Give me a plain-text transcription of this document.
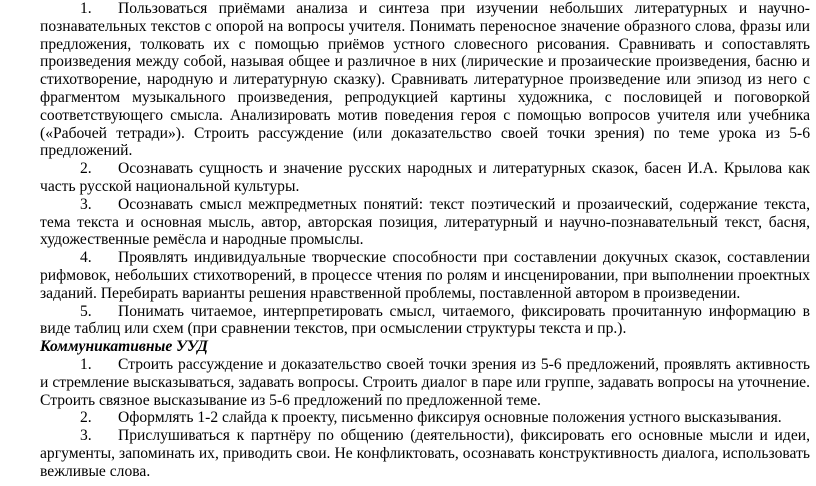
1. Пользоваться приёмами анализа и синтеза при изучении небольших литературных и научно-познавательных текстов с опорой на вопросы учителя. Понимать переносное значение образного слова, фразы или предложения, толковать их с помощью приёмов устного словесного рисования. Сравнивать и сопоставлять произведения между собой, называя общее и различное в них (лирические и прозаические произведения, басню и стихотворение, народную и литературную сказку). Сравнивать литературное произведение или эпизод из него с фрагментом музыкального произведения, репродукцией картины художника, с пословицей и поговоркой соответствующего смысла. Анализировать мотив поведения героя с помощью вопросов учителя или учебника («Рабочей тетради»). Строить рассуждение (или доказательство своей точки зрения) по теме урока из 5-6 предложений.

2. Осознавать сущность и значение русских народных и литературных сказок, басен И.А. Крылова как часть русской национальной культуры.

3. Осознавать смысл межпредметных понятий: текст поэтический и прозаический, содержание текста, тема текста и основная мысль, автор, авторская позиция, литературный и научно-познавательный текст, басня, художественные ремёсла и народные промыслы.

4. Проявлять индивидуальные творческие способности при составлении докучных сказок, составлении рифмовок, небольших стихотворений, в процессе чтения по ролям и инсценировании, при выполнении проектных заданий. Перебирать варианты решения нравственной проблемы, поставленной автором в произведении.

5. Понимать читаемое, интерпретировать смысл, читаемого, фиксировать прочитанную информацию в виде таблиц или схем (при сравнении текстов, при осмыслении структуры текста и пр.).

Коммуникативные УУД

1. Строить рассуждение и доказательство своей точки зрения из 5-6 предложений, проявлять активность и стремление высказываться, задавать вопросы. Строить диалог в паре или группе, задавать вопросы на уточнение. Строить связное высказывание из 5-6 предложений по предложенной теме.

2. Оформлять 1-2 слайда к проекту, письменно фиксируя основные положения устного высказывания.

3. Прислушиваться к партнёру по общению (деятельности), фиксировать его основные мысли и идеи, аргументы, запоминать их, приводить свои. Не конфликтовать, осознавать конструктивность диалога, использовать вежливые слова.
